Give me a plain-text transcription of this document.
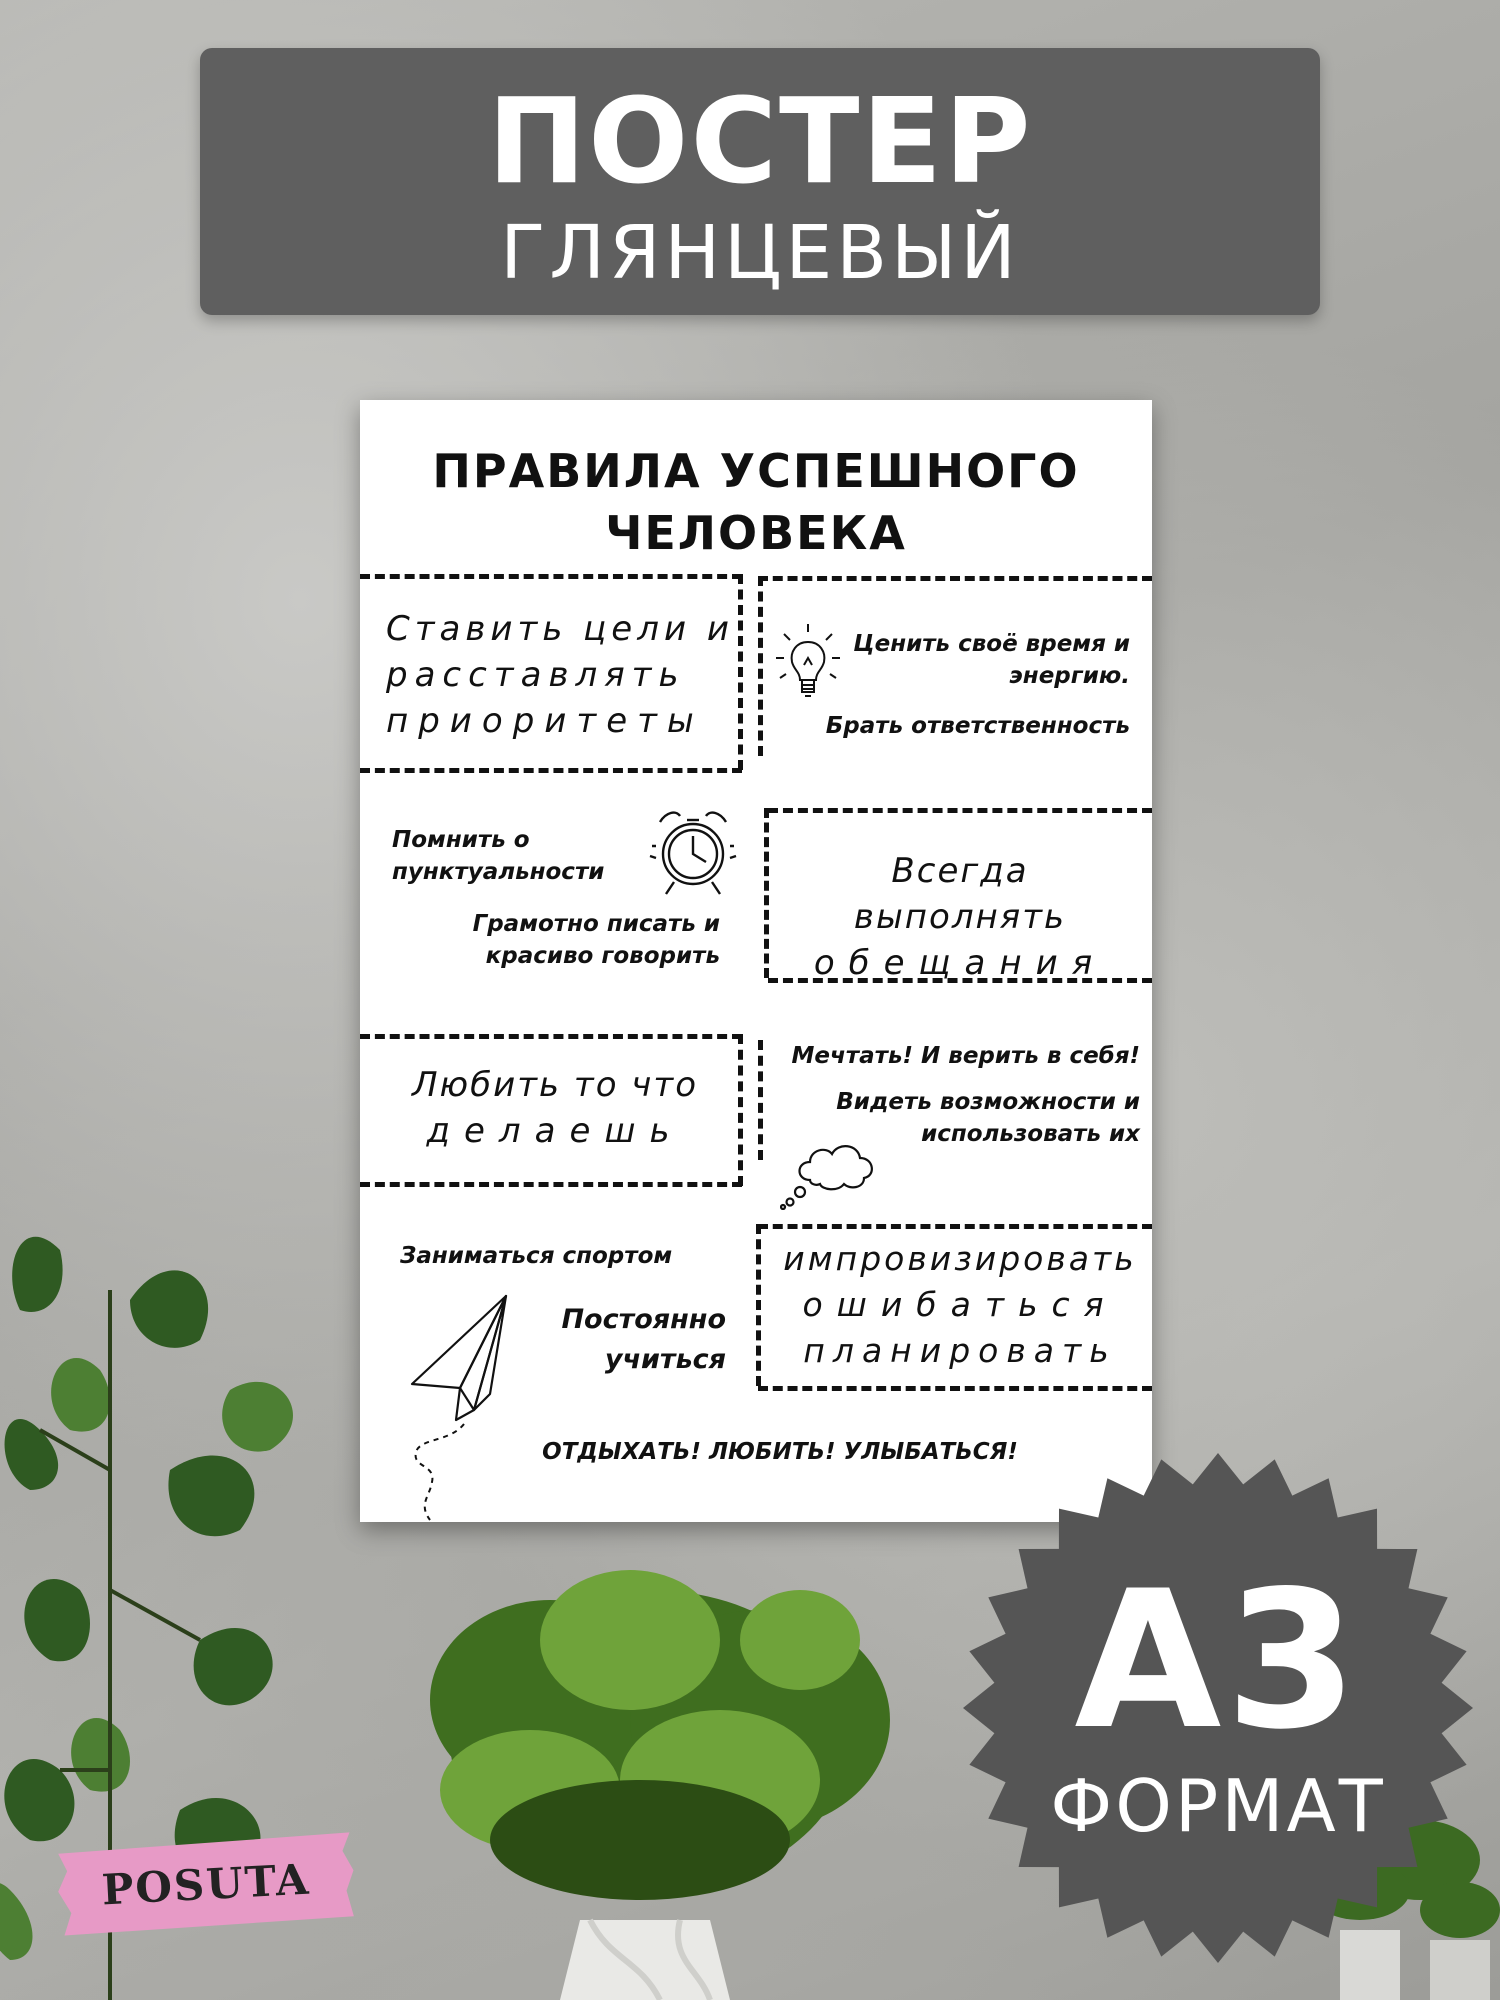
ПОСТЕР
ГЛЯНЦЕВЫЙ
ПРАВИЛА УСПЕШНОГО
ЧЕЛОВЕКА
Ставить цели и
расставлять
приоритеты
Ценить своё время и
энергию.
Брать ответственность
Помнить о
пунктуальности
Грамотно писать и
красиво говорить
Всегда выполнять
обещания
Любить то что
делаешь
Мечтать! И верить в себя!
Видеть возможности и
использовать их
Заниматься спортом
Постоянно
учиться
импровизировать
ошибаться
планировать
ОТДЫХАТЬ! ЛЮБИТЬ! УЛЫБАТЬСЯ!
А3
ФОРМАТ
POSUTA
